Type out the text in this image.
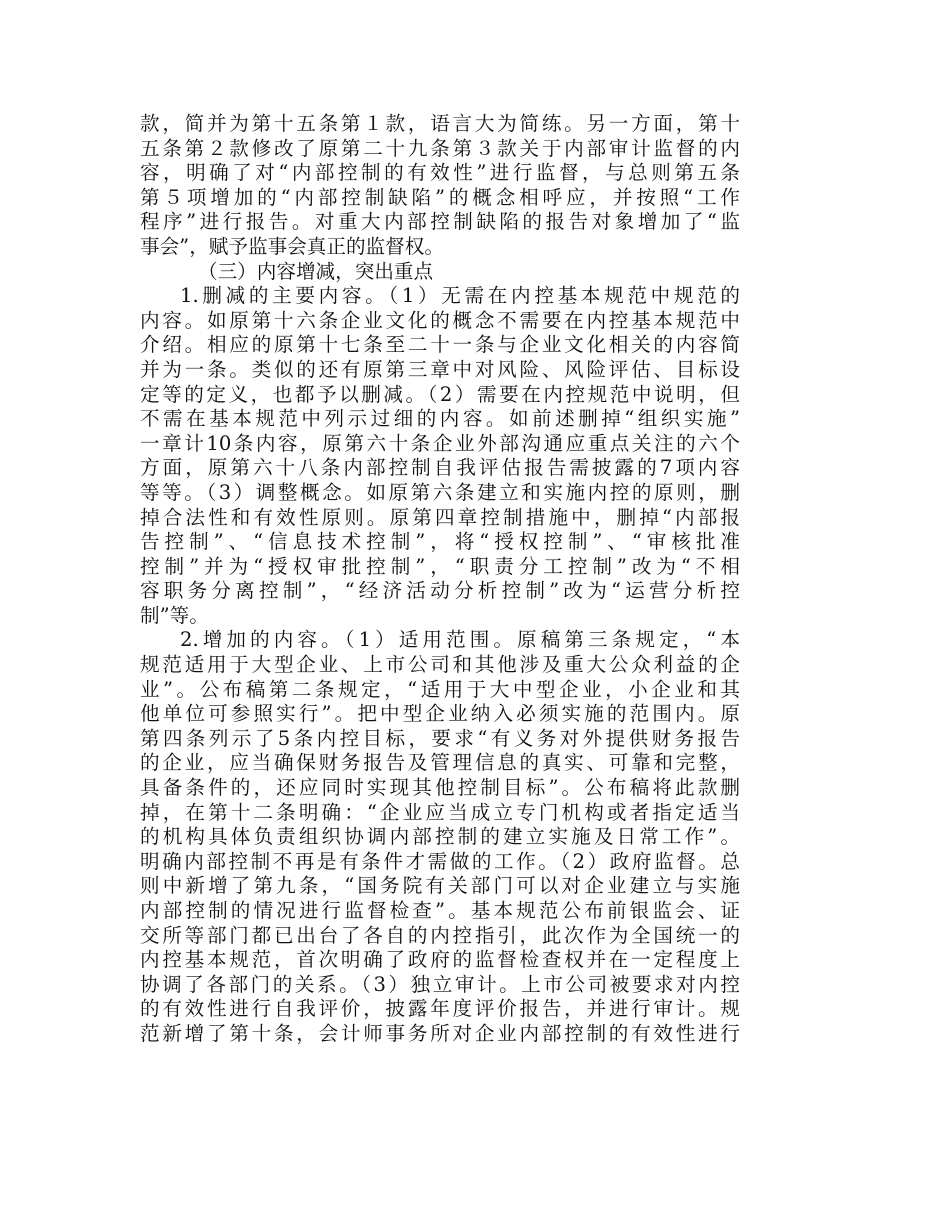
款，简并为第十五条第１款，语言大为简练。另一方面，第十
五条第２款修改了原第二十九条第３款关于内部审计监督的内
容，明确了对“内部控制的有效性”进行监督，与总则第五条
第５项增加的“内部控制缺陷”的概念相呼应，并按照“工作
程序”进行报告。对重大内部控制缺陷的报告对象增加了“监
事会”，赋予监事会真正的监督权。
（三）内容增减，突出重点
1.删减的主要内容。（1）无需在内控基本规范中规范的
内容。如原第十六条企业文化的概念不需要在内控基本规范中
介绍。相应的原第十七条至二十一条与企业文化相关的内容简
并为一条。类似的还有原第三章中对风险、风险评估、目标设
定等的定义，也都予以删减。（2）需要在内控规范中说明，但
不需在基本规范中列示过细的内容。如前述删掉“组织实施”
一章计10条内容，原第六十条企业外部沟通应重点关注的六个
方面，原第六十八条内部控制自我评估报告需披露的7项内容
等等。（3）调整概念。如原第六条建立和实施内控的原则，删
掉合法性和有效性原则。原第四章控制措施中，删掉“内部报
告控制”、“信息技术控制”，将“授权控制”、“审核批准
控制”并为“授权审批控制”，“职责分工控制”改为“不相
容职务分离控制”，“经济活动分析控制”改为“运营分析控
制”等。
2.增加的内容。（1）适用范围。原稿第三条规定，“本
规范适用于大型企业、上市公司和其他涉及重大公众利益的企
业”。公布稿第二条规定，“适用于大中型企业，小企业和其
他单位可参照实行”。把中型企业纳入必须实施的范围内。原
第四条列示了5条内控目标，要求“有义务对外提供财务报告
的企业，应当确保财务报告及管理信息的真实、可靠和完整，
具备条件的，还应同时实现其他控制目标”。公布稿将此款删
掉，在第十二条明确：“企业应当成立专门机构或者指定适当
的机构具体负责组织协调内部控制的建立实施及日常工作”。
明确内部控制不再是有条件才需做的工作。（2）政府监督。总
则中新增了第九条，“国务院有关部门可以对企业建立与实施
内部控制的情况进行监督检查”。基本规范公布前银监会、证
交所等部门都已出台了各自的内控指引，此次作为全国统一的
内控基本规范，首次明确了政府的监督检查权并在一定程度上
协调了各部门的关系。（3）独立审计。上市公司被要求对内控
的有效性进行自我评价，披露年度评价报告，并进行审计。规
范新增了第十条，会计师事务所对企业内部控制的有效性进行
